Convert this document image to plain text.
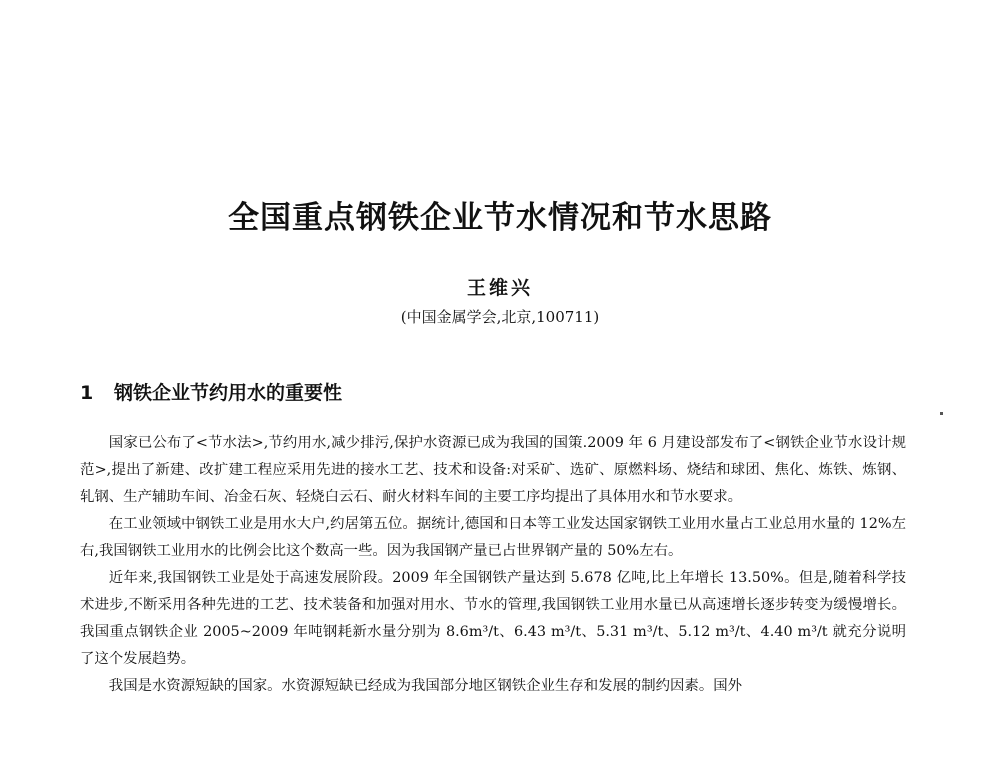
全国重点钢铁企业节水情况和节水思路
王维兴
(中国金属学会,北京,100711)
1 钢铁企业节约用水的重要性

国家已公布了<节水法>,节约用水,减少排污,保护水资源已成为我国的国策.2009 年 6 月建设部发布了<钢铁企业节水设计规范>,提出了新建、改扩建工程应采用先进的接水工艺、技术和设备:对采矿、选矿、原燃料场、烧结和球团、焦化、炼铁、炼钢、轧钢、生产辅助车间、冶金石灰、轻烧白云石、耐火材料车间的主要工序均提出了具体用水和节水要求。

在工业领域中钢铁工业是用水大户,约居第五位。据统计,德国和日本等工业发达国家钢铁工业用水量占工业总用水量的 12%左右,我国钢铁工业用水的比例会比这个数高一些。因为我国钢产量已占世界钢产量的 50%左右。

近年来,我国钢铁工业是处于高速发展阶段。2009 年全国钢铁产量达到 5.678 亿吨,比上年增长 13.50%。但是,随着科学技术进步,不断采用各种先进的工艺、技术装备和加强对用水、节水的管理,我国钢铁工业用水量已从高速增长逐步转变为缓慢增长。我国重点钢铁企业 2005~2009 年吨钢耗新水量分别为 8.6m³/t、6.43 m³/t、5.31 m³/t、5.12 m³/t、4.40 m³/t 就充分说明了这个发展趋势。

我国是水资源短缺的国家。水资源短缺已经成为我国部分地区钢铁企业生存和发展的制约因素。国外
